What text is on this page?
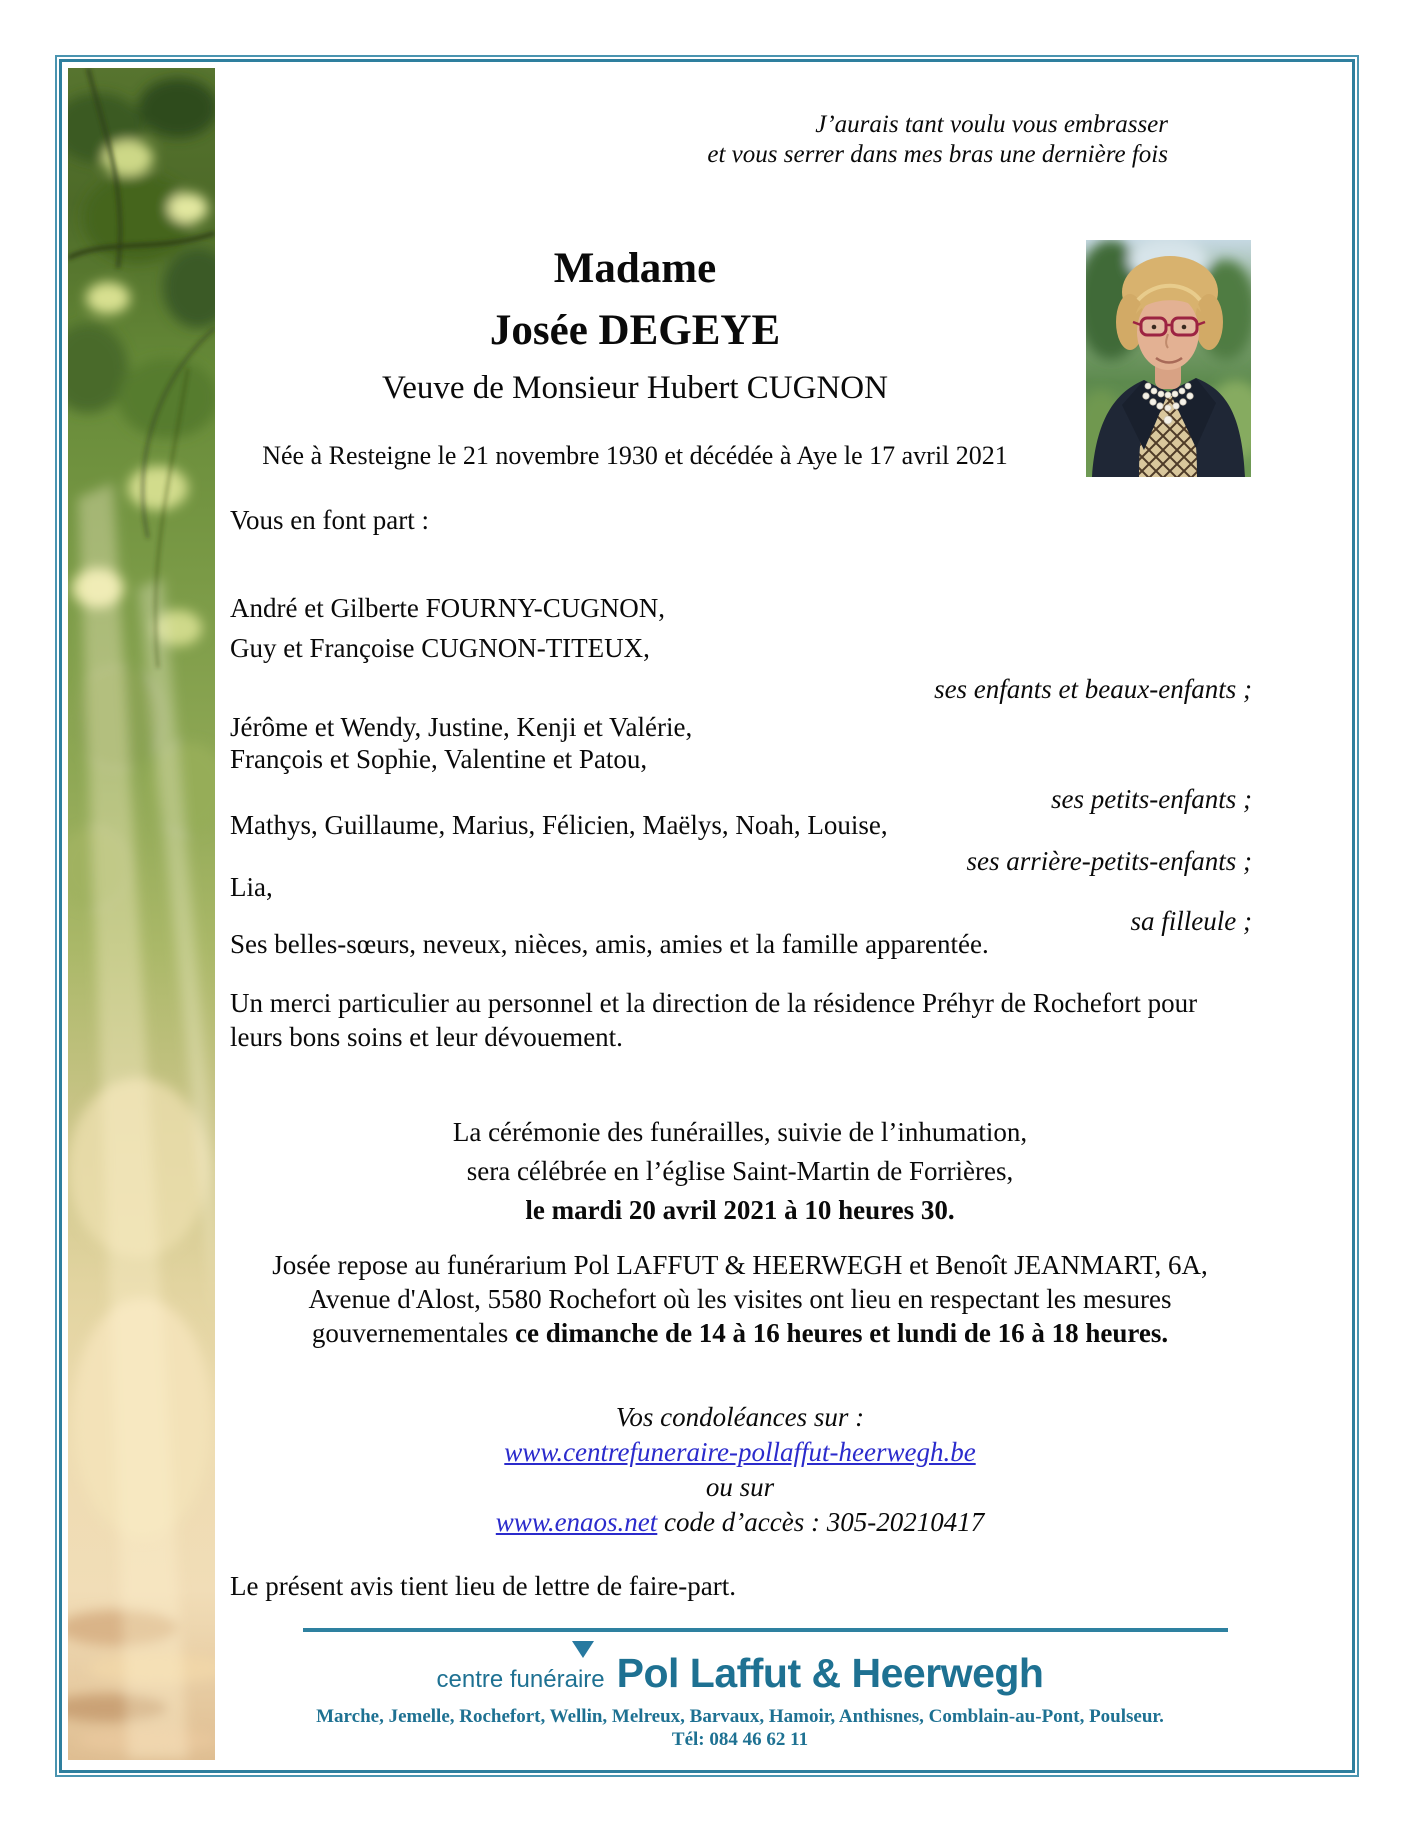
J’aurais tant voulu vous embrasser
et vous serrer dans mes bras une dernière fois
Madame
Josée DEGEYE
Veuve de Monsieur Hubert CUGNON
Née à Resteigne le 21 novembre 1930 et décédée à Aye le 17 avril 2021
Vous en font part :
André et Gilberte FOURNY-CUGNON,
Guy et Françoise CUGNON-TITEUX,
ses enfants et beaux-enfants ;
Jérôme et Wendy, Justine, Kenji et Valérie,
François et Sophie, Valentine et Patou,
ses petits-enfants ;
Mathys, Guillaume, Marius, Félicien, Maëlys, Noah, Louise,
ses arrière-petits-enfants ;
Lia,
sa filleule ;
Ses belles-sœurs, neveux, nièces, amis, amies et la famille apparentée.
Un merci particulier au personnel et la direction de la résidence Préhyr de Rochefort pour
leurs bons soins et leur dévouement.
La cérémonie des funérailles, suivie de l’inhumation,
sera célébrée en l’église Saint-Martin de Forrières,
le mardi 20 avril 2021 à 10 heures 30.
Josée repose au funérarium Pol LAFFUT & HEERWEGH et Benoît JEANMART, 6A,
Avenue d'Alost, 5580 Rochefort où les visites ont lieu en respectant les mesures
gouvernementales ce dimanche de 14 à 16 heures et lundi de 16 à 18 heures.
Vos condoléances sur :
www.centrefuneraire-pollaffut-heerwegh.be
ou sur
www.enaos.net code d’accès : 305-20210417
Le présent avis tient lieu de lettre de faire-part.
centre funéraire Pol Laffut & Heerwegh
Marche, Jemelle, Rochefort, Wellin, Melreux, Barvaux, Hamoir, Anthisnes, Comblain-au-Pont, Poulseur.
Tél: 084 46 62 11
